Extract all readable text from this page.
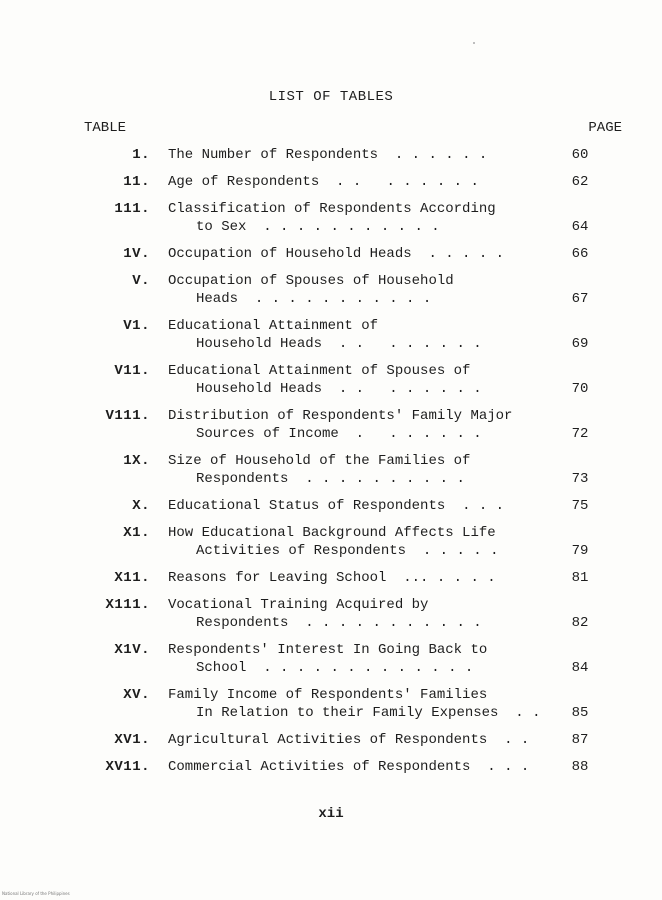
LIST OF TABLES
TABLE	PAGE
1. The Number of Respondents . . . . . .	60
11. Age of Respondents . .   . . . . . .	62
111. Classification of Respondents According
to Sex . . . . . . . . . . .	64
1V. Occupation of Household Heads . . . . .	66
V. Occupation of Spouses of Household
Heads . . . . . . . . . . .	67
V1. Educational Attainment of
Household Heads . .   . . . . . .	69
V11. Educational Attainment of Spouses of
Household Heads . .   . . . . . .	70
V111. Distribution of Respondents' Family Major
Sources of Income .   . . . . . .	72
1X. Size of Household of the Families of
Respondents . . . . . . . . . .	73
X. Educational Status of Respondents . . .	75
X1. How Educational Background Affects Life
Activities of Respondents . . . . .	79
X11. Reasons for Leaving School ... . . . .	81
X111. Vocational Training Acquired by
Respondents . . . . . . . . . . .	82
X1V. Respondents' Interest In Going Back to
School . . . . . . . . . . . . .	84
XV. Family Income of Respondents' Families
In Relation to their Family Expenses . .	85
XV1. Agricultural Activities of Respondents . .	87
XV11. Commercial Activities of Respondents . . .	88
xii
National Library of the Philippines
